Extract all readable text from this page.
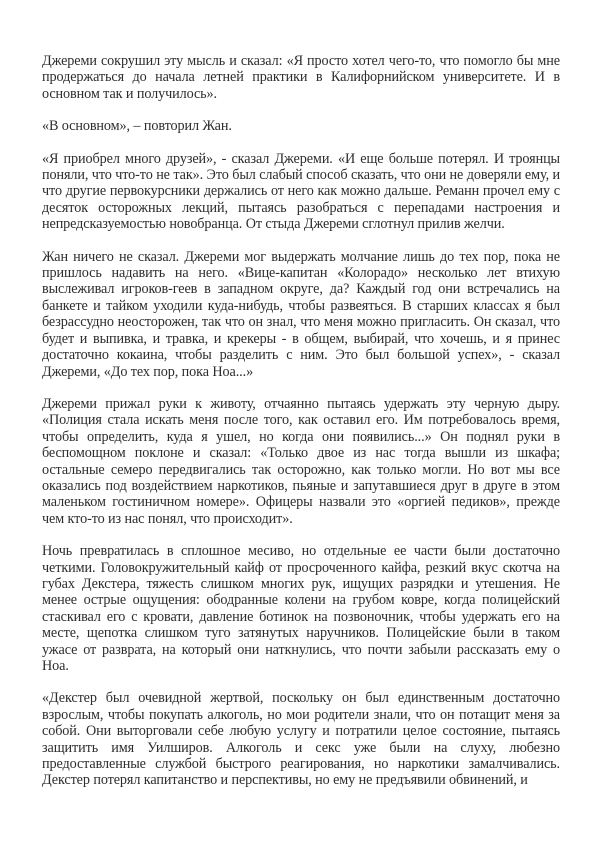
Джереми сокрушил эту мысль и сказал: «Я просто хотел чего-то, что помогло бы мне продержаться до начала летней практики в Калифорнийском университете. И в основном так и получилось».

«В основном», – повторил Жан.

«Я приобрел много друзей», - сказал Джереми. «И еще больше потерял. И троянцы поняли, что что-то не так». Это был слабый способ сказать, что они не доверяли ему, и что другие первокурсники держались от него как можно дальше. Реманн прочел ему с десяток осторожных лекций, пытаясь разобраться с перепадами настроения и непредсказуемостью новобранца. От стыда Джереми сглотнул прилив желчи.

Жан ничего не сказал. Джереми мог выдержать молчание лишь до тех пор, пока не пришлось надавить на него. «Вице-капитан «Колорадо» несколько лет втихую выслеживал игроков-геев в западном округе, да? Каждый год они встречались на банкете и тайком уходили куда-нибудь, чтобы развеяться. В старших классах я был безрассудно неосторожен, так что он знал, что меня можно пригласить. Он сказал, что будет и выпивка, и травка, и крекеры - в общем, выбирай, что хочешь, и я принес достаточно кокаина, чтобы разделить с ним. Это был большой успех», - сказал Джереми, «До тех пор, пока Ноа...»

Джереми прижал руки к животу, отчаянно пытаясь удержать эту черную дыру. «Полиция стала искать меня после того, как оставил его. Им потребовалось время, чтобы определить, куда я ушел, но когда они появились...» Он поднял руки в беспомощном поклоне и сказал: «Только двое из нас тогда вышли из шкафа; остальные семеро передвигались так осторожно, как только могли. Но вот мы все оказались под воздействием наркотиков, пьяные и запутавшиеся друг в друге в этом маленьком гостиничном номере». Офицеры назвали это «оргией педиков», прежде чем кто-то из нас понял, что происходит».

Ночь превратилась в сплошное месиво, но отдельные ее части были достаточно четкими. Головокружительный кайф от просроченного кайфа, резкий вкус скотча на губах Декстера, тяжесть слишком многих рук, ищущих разрядки и утешения. Не менее острые ощущения: ободранные колени на грубом ковре, когда полицейский стаскивал его с кровати, давление ботинок на позвоночник, чтобы удержать его на месте, щепотка слишком туго затянутых наручников. Полицейские были в таком ужасе от разврата, на который они наткнулись, что почти забыли рассказать ему о Ноа.

«Декстер был очевидной жертвой, поскольку он был единственным достаточно взрослым, чтобы покупать алкоголь, но мои родители знали, что он потащит меня за собой. Они выторговали себе любую услугу и потратили целое состояние, пытаясь защитить имя Уилширов. Алкоголь и секс уже были на слуху, любезно предоставленные службой быстрого реагирования, но наркотики замалчивались. Декстер потерял капитанство и перспективы, но ему не предъявили обвинений, и
